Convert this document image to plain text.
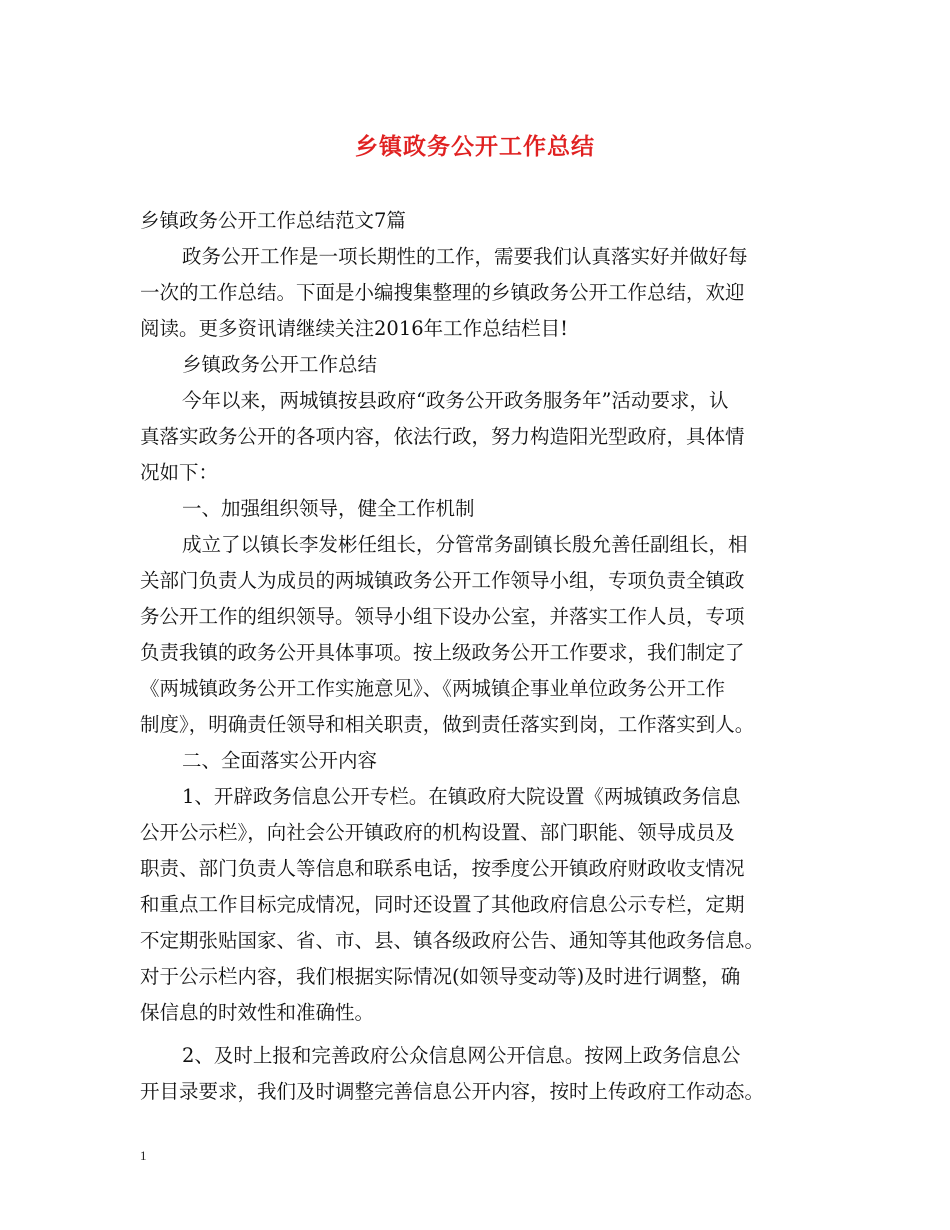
乡镇政务公开工作总结
乡镇政务公开工作总结范文7篇
政务公开工作是一项长期性的工作，需要我们认真落实好并做好每
一次的工作总结。下面是小编搜集整理的乡镇政务公开工作总结，欢迎
阅读。更多资讯请继续关注2016年工作总结栏目!
乡镇政务公开工作总结
今年以来，两城镇按县政府“政务公开政务服务年”活动要求，认
真落实政务公开的各项内容，依法行政，努力构造阳光型政府，具体情
况如下：
一、加强组织领导，健全工作机制
成立了以镇长李发彬任组长，分管常务副镇长殷允善任副组长，相
关部门负责人为成员的两城镇政务公开工作领导小组，专项负责全镇政
务公开工作的组织领导。领导小组下设办公室，并落实工作人员，专项
负责我镇的政务公开具体事项。按上级政务公开工作要求，我们制定了
《两城镇政务公开工作实施意见》、《两城镇企事业单位政务公开工作
制度》，明确责任领导和相关职责，做到责任落实到岗，工作落实到人。
二、全面落实公开内容
1、开辟政务信息公开专栏。在镇政府大院设置《两城镇政务信息
公开公示栏》，向社会公开镇政府的机构设置、部门职能、领导成员及
职责、部门负责人等信息和联系电话，按季度公开镇政府财政收支情况
和重点工作目标完成情况，同时还设置了其他政府信息公示专栏，定期
不定期张贴国家、省、市、县、镇各级政府公告、通知等其他政务信息。
对于公示栏内容，我们根据实际情况(如领导变动等)及时进行调整，确
保信息的时效性和准确性。
2、及时上报和完善政府公众信息网公开信息。按网上政务信息公
开目录要求，我们及时调整完善信息公开内容，按时上传政府工作动态。
1
